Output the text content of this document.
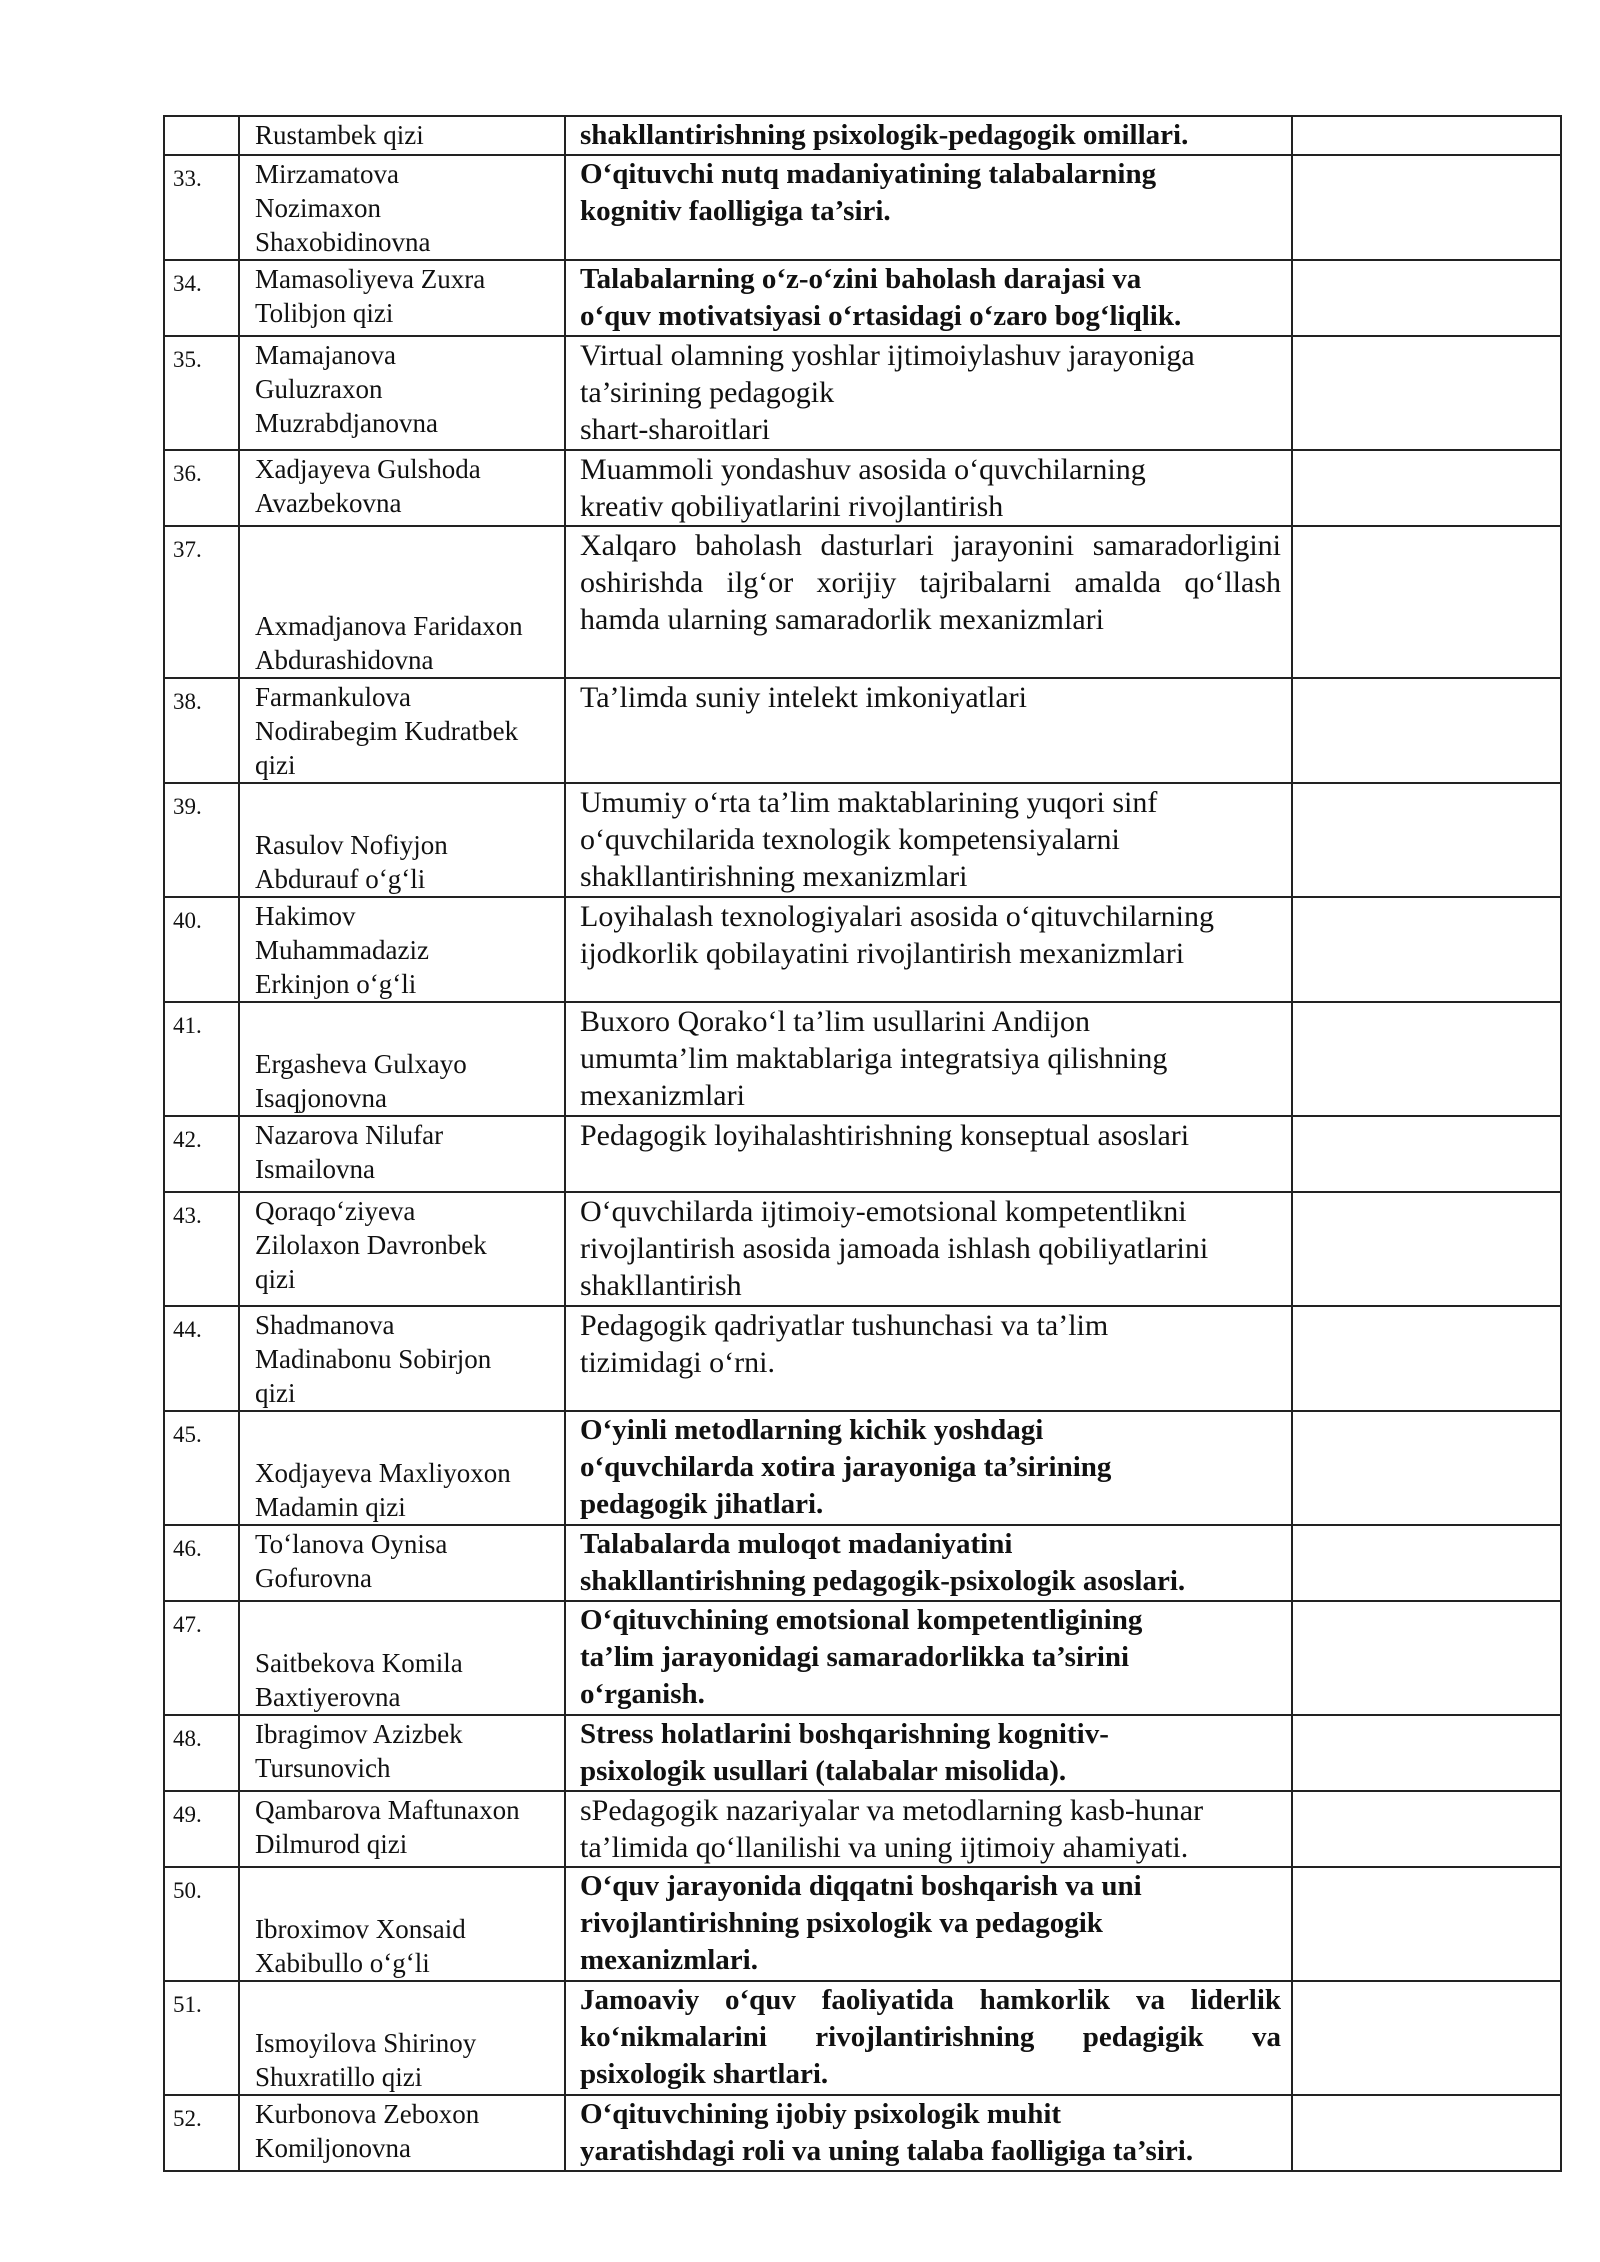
	Rustambek qizi	shakllantirishning psixologik-pedagogik omillari.	

33.	Mirzamatova
Nozimaxon
Shaxobidinovna	O‘qituvchi nutq madaniyatining talabalarning
kognitiv faolligiga ta’siri.	

34.	Mamasoliyeva Zuxra
Tolibjon qizi	Talabalarning o‘z-o‘zini baholash darajasi va
o‘quv motivatsiyasi o‘rtasidagi o‘zaro bog‘liqlik.	

35.	Mamajanova
Guluzraxon
Muzrabdjanovna	Virtual olamning yoshlar ijtimoiylashuv jarayoniga
ta’sirining pedagogik
shart-sharoitlari	

36.	Xadjayeva Gulshoda
Avazbekovna	Muammoli yondashuv asosida o‘quvchilarning
kreativ qobiliyatlarini rivojlantirish	

37.	Axmadjanova Faridaxon
Abdurashidovna	Xalqaro baholash dasturlari jarayonini samaradorligini oshirishda ilg‘or xorijiy tajribalarni amalda qo‘llash hamda ularning samaradorlik mexanizmlari	

38.	Farmankulova
Nodirabegim Kudratbek
qizi	Ta’limda suniy intelekt imkoniyatlari	

39.	Rasulov Nofiyjon
Abdurauf o‘g‘li	Umumiy o‘rta ta’lim maktablarining yuqori sinf
o‘quvchilarida texnologik kompetensiyalarni
shakllantirishning mexanizmlari	

40.	Hakimov
Muhammadaziz
Erkinjon o‘g‘li	Loyihalash texnologiyalari asosida o‘qituvchilarning
ijodkorlik qobilayatini rivojlantirish mexanizmlari	

41.	Ergasheva Gulxayo
Isaqjonovna	Buxoro Qorako‘l ta’lim usullarini Andijon
umumta’lim maktablariga integratsiya qilishning
mexanizmlari	

42.	Nazarova Nilufar
Ismailovna	Pedagogik loyihalashtirishning konseptual asoslari	

43.	Qoraqo‘ziyeva
Zilolaxon Davronbek
qizi	O‘quvchilarda ijtimoiy-emotsional kompetentlikni
rivojlantirish asosida jamoada ishlash qobiliyatlarini
shakllantirish	

44.	Shadmanova
Madinabonu Sobirjon
qizi	Pedagogik qadriyatlar tushunchasi va ta’lim
tizimidagi o‘rni.	

45.	Xodjayeva Maxliyoxon
Madamin qizi	O‘yinli metodlarning kichik yoshdagi
o‘quvchilarda xotira jarayoniga ta’sirining
pedagogik jihatlari.	

46.	To‘lanova Oynisa
Gofurovna	Talabalarda muloqot madaniyatini
shakllantirishning pedagogik-psixologik asoslari.	

47.	Saitbekova Komila
Baxtiyerovna	O‘qituvchining emotsional kompetentligining
ta’lim jarayonidagi samaradorlikka ta’sirini
o‘rganish.	

48.	Ibragimov Azizbek
Tursunovich	Stress holatlarini boshqarishning kognitiv-
psixologik usullari (talabalar misolida).	

49.	Qambarova Maftunaxon
Dilmurod qizi	sPedagogik nazariyalar va metodlarning kasb-hunar
ta’limida qo‘llanilishi va uning ijtimoiy ahamiyati.	

50.	Ibroximov Xonsaid
Xabibullo o‘g‘li	O‘quv jarayonida diqqatni boshqarish va uni
rivojlantirishning psixologik va pedagogik
mexanizmlari.	

51.	Ismoyilova Shirinoy
Shuxratillo qizi	Jamoaviy o‘quv faoliyatida hamkorlik va liderlik ko‘nikmalarini rivojlantirishning pedagigik va psixologik shartlari.	

52.	Kurbonova Zeboxon
Komiljonovna	O‘qituvchining ijobiy psixologik muhit
yaratishdagi roli va uning talaba faolligiga ta’siri.	
